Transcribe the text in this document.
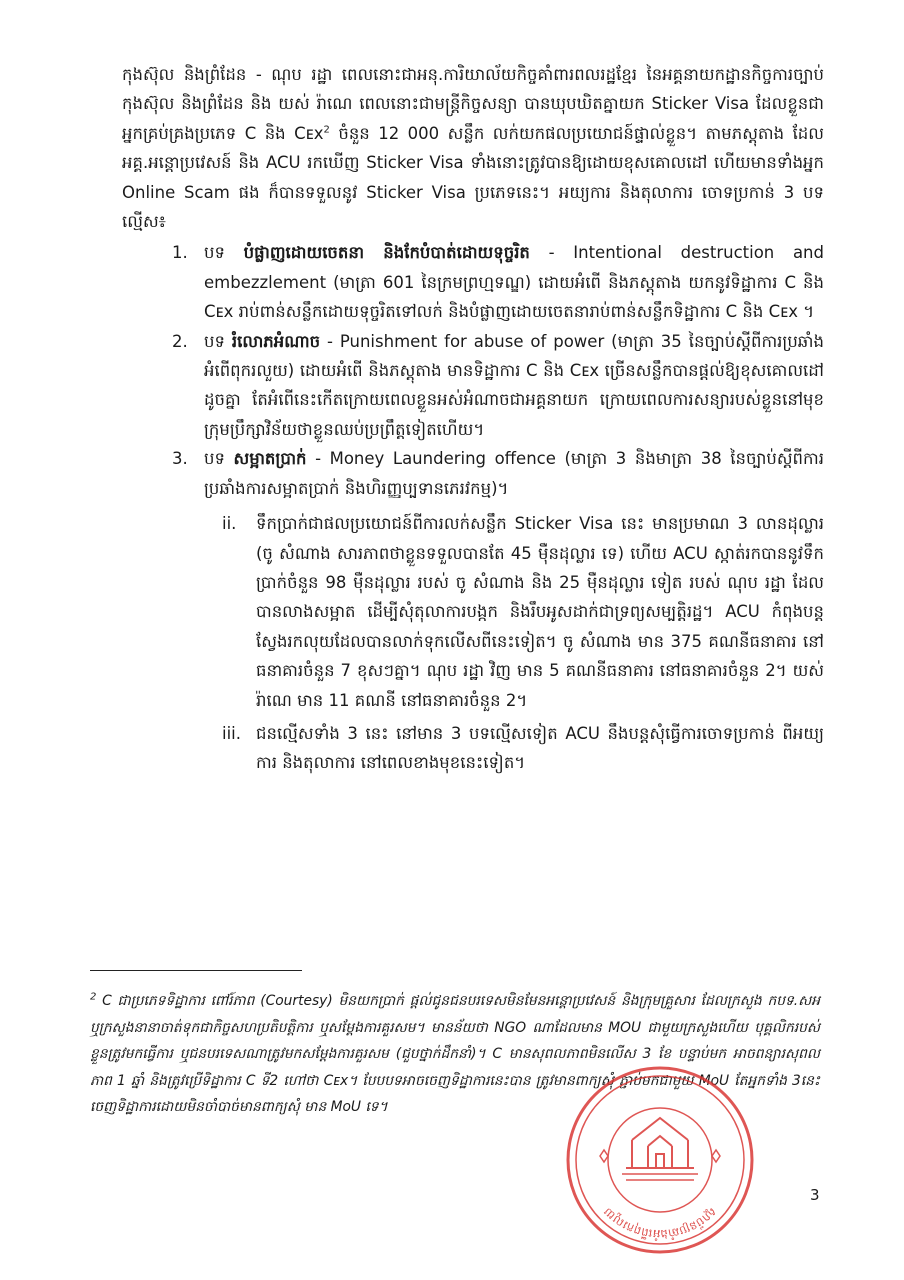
កុងស៊ុល និងព្រំដែន - ណុប រដ្ឋា ពេលនោះជាអនុ.ការិយាល័យកិច្ចគាំពារពលរដ្ឋខ្មែរ នៃអគ្គនាយកដ្ឋានកិច្ចការច្បាប់ កុងស៊ុល និងព្រំដែន និង យស់ រ៉ាណេ ពេលនោះជាមន្ត្រីកិច្ចសន្យា បានឃុបឃិតគ្នាយក Sticker Visa ដែលខ្លួនជាអ្នកគ្រប់គ្រងប្រភេទ C និង Cᴇx$^2$ ចំនួន 12 000 សន្លឹក លក់យកផលប្រយោជន៍ផ្ទាល់ខ្លួន។ តាមភស្តុតាង ដែលអគ្គ.អន្តោប្រវេសន៍ និង ACU រកឃើញ Sticker Visa ទាំងនោះត្រូវបានឱ្យដោយខុសគោលដៅ ហើយមានទាំងអ្នក Online Scam ផង ក៏បានទទួលនូវ Sticker Visa ប្រភេទនេះ។ អយ្យការ និងតុលាការ ចោទប្រកាន់ 3 បទល្មើស៖
1. បទ បំផ្លាញដោយចេតនា និងកែបំបាត់ដោយទុច្ចរិត - Intentional destruction and embezzlement (មាត្រា 601 នៃក្រមព្រហ្មទណ្ឌ) ដោយអំពើ និងភស្តុតាង យកនូវទិដ្ឋាការ C និង Cᴇx រាប់ពាន់សន្លឹកដោយទុច្ចរិតទៅលក់ និងបំផ្លាញដោយចេតនារាប់ពាន់សន្លឹកទិដ្ឋាការ C និង Cᴇx ។
2. បទ រំលោភអំណាច - Punishment for abuse of power (មាត្រា 35 នៃច្បាប់ស្តីពីការប្រឆាំងអំពើពុករលួយ) ដោយអំពើ និងភស្តុតាង មានទិដ្ឋាការ C និង Cᴇx ច្រើនសន្លឹកបានផ្តល់ឱ្យខុសគោលដៅដូចគ្នា តែអំពើនេះកើតក្រោយពេលខ្លួនអស់អំណាចជាអគ្គនាយក ក្រោយពេលការសន្យារបស់ខ្លួននៅមុខក្រុមប្រឹក្សាវិន័យថាខ្លួនឈប់ប្រព្រឹត្តទៀតហើយ។
3. បទ សម្អាតប្រាក់ - Money Laundering offence (មាត្រា 3 និងមាត្រា 38 នៃច្បាប់ស្តីពីការប្រឆាំងការសម្អាតប្រាក់ និងហិរញ្ញប្បទានភេរវកម្ម)។
ii. ទឹកប្រាក់ជាផលប្រយោជន៍ពីការលក់សន្លឹក Sticker Visa នេះ មានប្រមាណ 3 លានដុល្លារ (ចូ សំណាង សារភាពថាខ្លួនទទួលបានតែ 45 ម៉ឺនដុល្លារ ទេ) ហើយ ACU ស្កាត់រកបាននូវទឹកប្រាក់ចំនួន 98 ម៉ឺនដុល្លារ របស់ ចូ សំណាង និង 25 ម៉ឺនដុល្លារ ទៀត របស់ ណុប រដ្ឋា ដែលបានលាងសម្អាត ដើម្បីសុំតុលាការបង្កក និងរឹបអូសដាក់ជាទ្រព្យសម្បត្តិរដ្ឋ។ ACU កំពុងបន្តស្វែងរកលុយដែលបានលាក់ទុកលើសពីនេះទៀត។ ចូ សំណាង មាន 375 គណនីធនាគារ នៅធនាគារចំនួន 7 ខុសៗគ្នា។ ណុប រដ្ឋា វិញ មាន 5 គណនីធនាគារ នៅធនាគារចំនួន 2។ យស់ រ៉ាណេ មាន 11 គណនី នៅធនាគារចំនួន 2។
iii. ជនល្មើសទាំង 3 នេះ នៅមាន 3 បទល្មើសទៀត ACU នឹងបន្តសុំធ្វើការចោទប្រកាន់ ពីអយ្យការ និងតុលាការ នៅពេលខាងមុខនេះទៀត។
$^2$ C ជាប្រភេទទិដ្ឋាការ ពៅរ៍ភាព (Courtesy) មិនយកប្រាក់ ផ្តល់ជូនជនបរទេសមិនមែនអន្តោប្រវេសន៍ និងក្រុមគ្រួសារ ដែលក្រសួង កបទ.សអ ឬក្រសួងនានាចាត់ទុកជាកិច្ចសហប្រតិបត្តិការ ឬសម្តែងការគួរសម។ មានន័យថា NGO ណាដែលមាន MOU ជាមួយក្រសួងហើយ បុគ្គលិករបស់ខ្លួនត្រូវមកធ្វើការ ឬជនបរទេសណាត្រូវមកសម្តែងការគួរសម (ជួបថ្នាក់ដឹកនាំ)។ C មានសុពលភាពមិនលើស 3 ខែ បន្ទាប់មក អាចពន្យារសុពលភាព 1 ឆ្នាំ និងត្រូវប្រើទិដ្ឋាការ C ទី2 ហៅថា Cᴇx។ បែបបទអាចចេញទិដ្ឋាការនេះបាន ត្រូវមានពាក្យសុំ ភ្ជាប់មកជាមួយ MoU តែអ្នកទាំង 3នេះ ចេញទិដ្ឋាការដោយមិនចាំបាច់មានពាក្យសុំ មាន MoU ទេ។
ស្ថាប័នប្រឆាំងអំពើពុករលួយ
3
